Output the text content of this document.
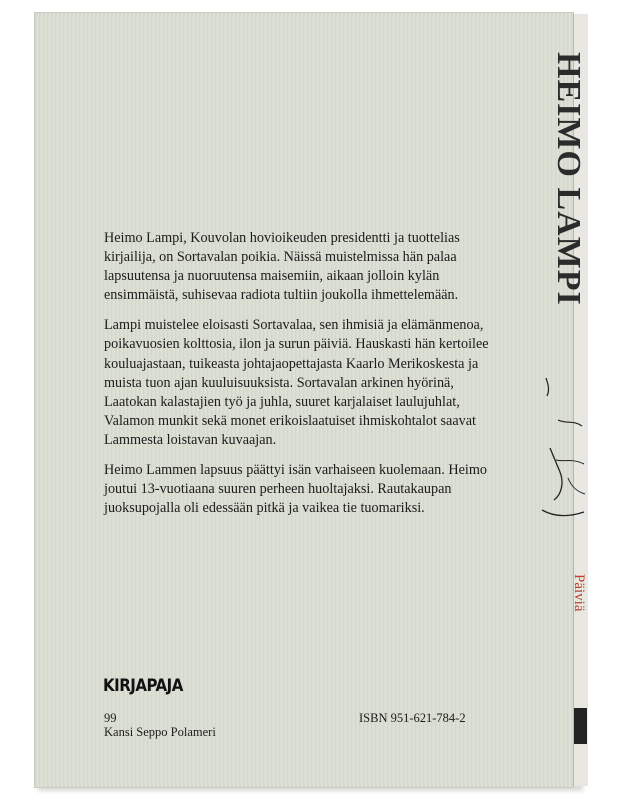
HEIMO LAMPI
Päiviä

Heimo Lampi, Kouvolan hovioikeuden presidentti ja tuottelias kirjailija, on Sortavalan poikia. Näissä muistelmissa hän palaa lapsuutensa ja nuoruutensa maisemiin, aikaan jolloin kylän ensimmäistä, suhisevaa radiota tultiin joukolla ihmettelemään.

Lampi muistelee eloisasti Sortavalaa, sen ihmisiä ja elämänmenoa, poikavuosien kolttosia, ilon ja surun päiviä. Hauskasti hän kertoilee kouluajastaan, tuikeasta johtajaopettajasta Kaarlo Merikoskesta ja muista tuon ajan kuuluisuuksista. Sortavalan arkinen hyörinä, Laatokan kalastajien työ ja juhla, suuret karjalaiset laulujuhlat, Valamon munkit sekä monet erikoislaatuiset ihmiskohtalot saavat Lammesta loistavan kuvaajan.

Heimo Lammen lapsuus päättyi isän varhaiseen kuolemaan. Heimo joutui 13-vuotiaana suuren perheen huoltajaksi. Rautakaupan juoksupojalla oli edessään pitkä ja vaikea tie tuomariksi.

KIRJAPAJA
99
Kansi Seppo Polameri
ISBN 951-621-784-2
